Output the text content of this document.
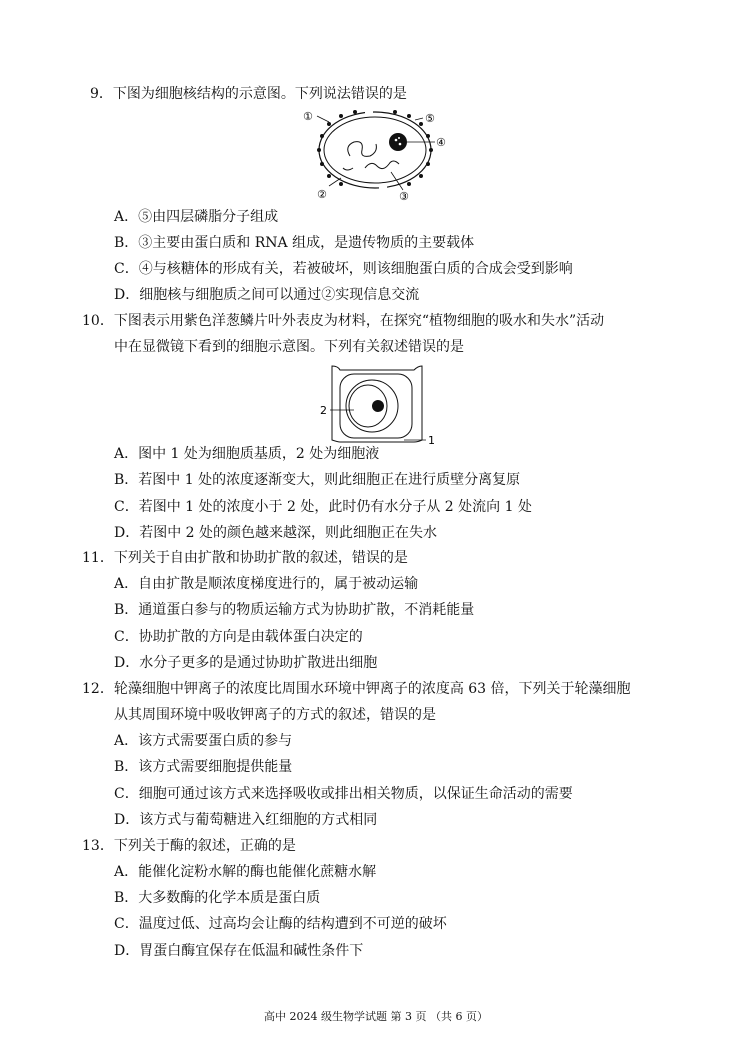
9．下图为细胞核结构的示意图。下列说法错误的是
①
②	③
④
⑤
A．⑤由四层磷脂分子组成
B．③主要由蛋白质和 RNA 组成，是遗传物质的主要载体
C．④与核糖体的形成有关，若被破坏，则该细胞蛋白质的合成会受到影响
D．细胞核与细胞质之间可以通过②实现信息交流
10．下图表示用紫色洋葱鳞片叶外表皮为材料，在探究“植物细胞的吸水和失水”活动
中在显微镜下看到的细胞示意图。下列有关叙述错误的是
2
1
A．图中 1 处为细胞质基质，2 处为细胞液
B．若图中 1 处的浓度逐渐变大，则此细胞正在进行质壁分离复原
C．若图中 1 处的浓度小于 2 处，此时仍有水分子从 2 处流向 1 处
D．若图中 2 处的颜色越来越深，则此细胞正在失水
11．下列关于自由扩散和协助扩散的叙述，错误的是
A．自由扩散是顺浓度梯度进行的，属于被动运输
B．通道蛋白参与的物质运输方式为协助扩散，不消耗能量
C．协助扩散的方向是由载体蛋白决定的
D．水分子更多的是通过协助扩散进出细胞
12．轮藻细胞中钾离子的浓度比周围水环境中钾离子的浓度高 63 倍，下列关于轮藻细胞
从其周围环境中吸收钾离子的方式的叙述，错误的是
A．该方式需要蛋白质的参与
B．该方式需要细胞提供能量
C．细胞可通过该方式来选择吸收或排出相关物质，以保证生命活动的需要
D．该方式与葡萄糖进入红细胞的方式相同
13．下列关于酶的叙述，正确的是
A．能催化淀粉水解的酶也能催化蔗糖水解
B．大多数酶的化学本质是蛋白质
C．温度过低、过高均会让酶的结构遭到不可逆的破坏
D．胃蛋白酶宜保存在低温和碱性条件下
高中 2024 级生物学试题 第 3 页 （共 6 页）
